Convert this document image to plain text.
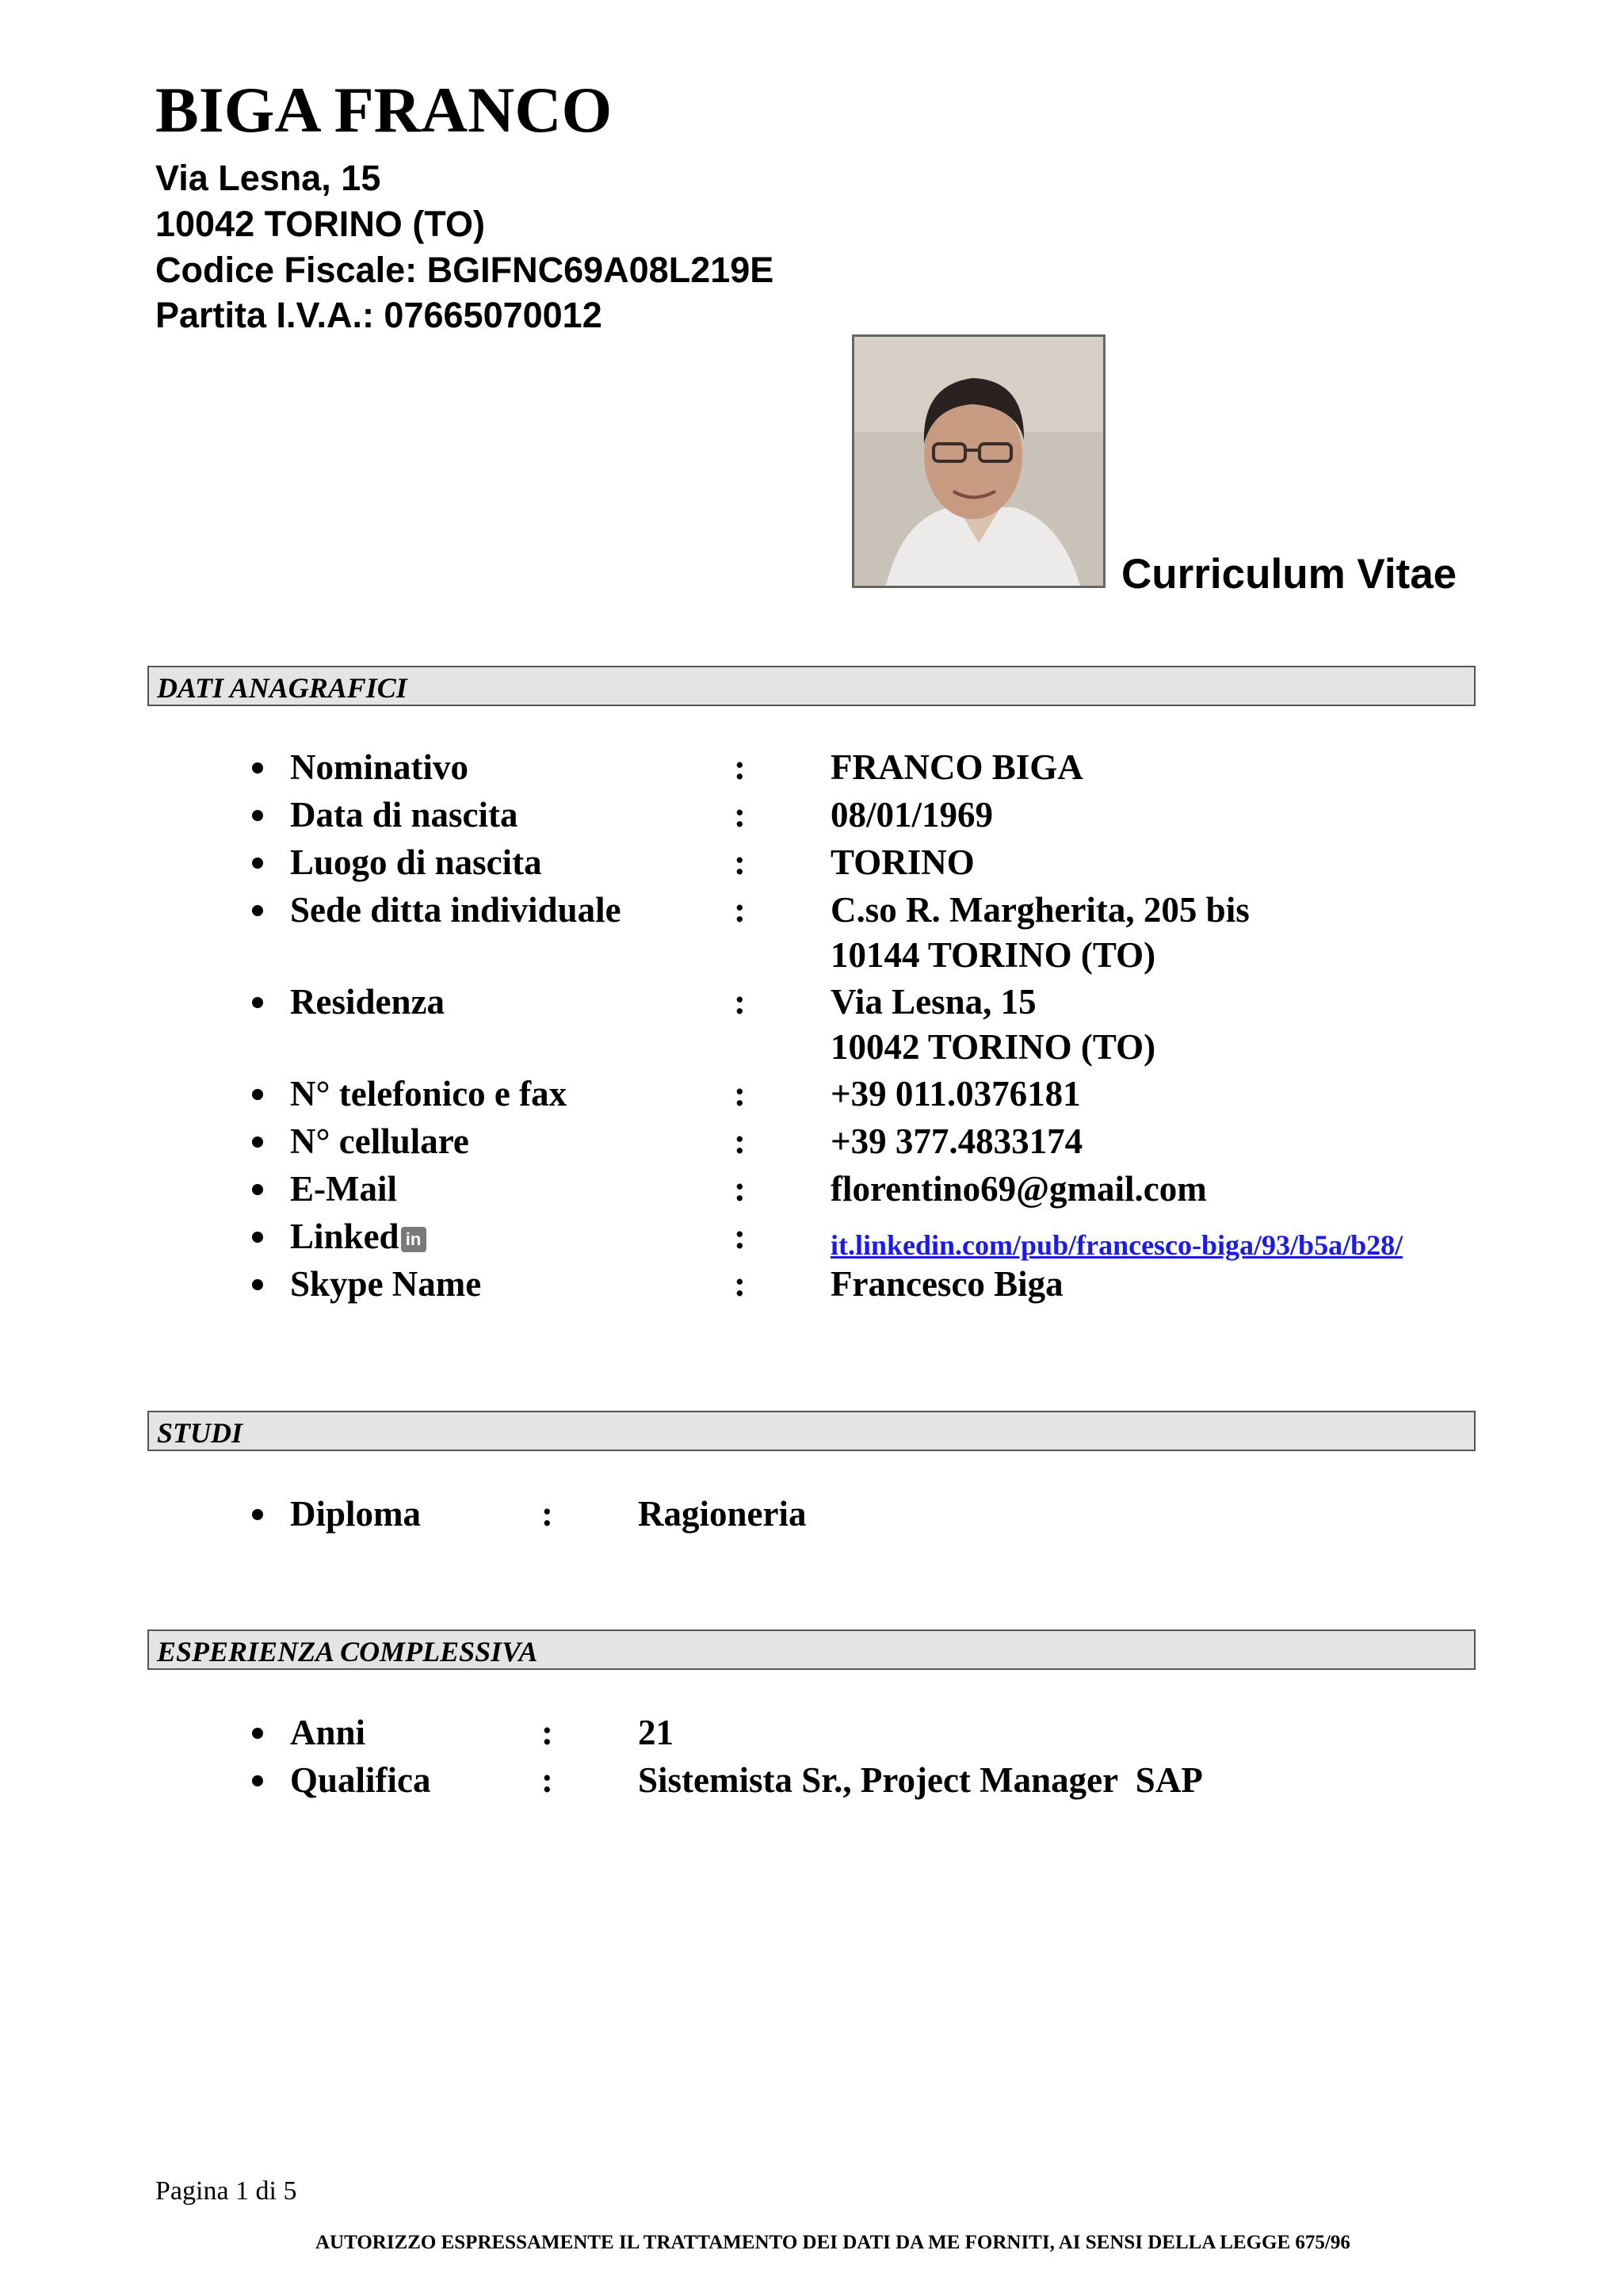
BIGA FRANCO
Via Lesna, 15
10042 TORINO (TO)
Codice Fiscale: BGIFNC69A08L219E
Partita I.V.A.: 07665070012
Curriculum Vitae
DATI ANAGRAFICI
Nominativo	: FRANCO BIGA
Data di nascita	: 08/01/1969
Luogo di nascita	: TORINO
Sede ditta individuale	: C.so R. Margherita, 205 bis
10144 TORINO (TO)
Residenza	: Via Lesna, 15
10042 TORINO (TO)
N° telefonico e fax	: +39 011.0376181
N° cellulare	: +39 377.4833174
E-Mail	: florentino69@gmail.com
Linked in	:	it.linkedin.com/pub/francesco-biga/93/b5a/b28/
Skype Name	: Francesco Biga
STUDI
Diploma	: Ragioneria
ESPERIENZA COMPLESSIVA
Anni	: 21
Qualifica	: Sistemista Sr., Project Manager  SAP
Pagina 1 di 5
AUTORIZZO ESPRESSAMENTE IL TRATTAMENTO DEI DATI DA ME FORNITI, AI SENSI DELLA LEGGE 675/96
